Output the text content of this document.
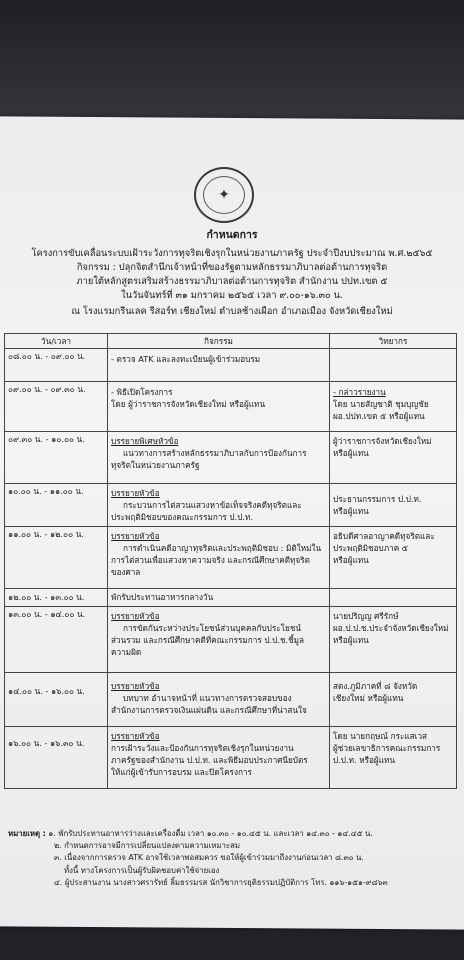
✦
กำหนดการ
โครงการขับเคลื่อนระบบเฝ้าระวังการทุจริตเชิงรุกในหน่วยงานภาครัฐ ประจำปีงบประมาณ พ.ศ.๒๕๖๕
กิจกรรม : ปลุกจิตสำนึกเจ้าหน้าที่ของรัฐตามหลักธรรมาภิบาลต่อต้านการทุจริต
ภายใต้หลักสูตรเสริมสร้างธรรมาภิบาลต่อต้านการทุจริต สำนักงาน ปปท.เขต ๕
ในวันจันทร์ที่ ๓๑ มกราคม ๒๕๖๕ เวลา ๙.๐๐-๑๖.๓๐ น.
ณ โรงแรมกรีนเลค รีสอร์ท เชียงใหม่ ตำบลช้างเผือก อำเภอเมือง จังหวัดเชียงใหม่
วัน/เวลา	กิจกรรม	วิทยากร
๐๘.๐๐ น. - ๐๙.๐๐ น.	- ตรวจ ATK และลงทะเบียนผู้เข้าร่วมอบรม	

๐๙.๐๐ น. - ๐๙.๓๐ น.	- พิธีเปิดโครงการ
โดย ผู้ว่าราชการจังหวัดเชียงใหม่ หรือผู้แทน	- กล่าวรายงาน
โดย นายสัญชาติ ชุมบุญชัย
ผอ.ปปท.เขต ๕ หรือผู้แทน

๐๙.๓๐ น. - ๑๐.๐๐ น.	บรรยายพิเศษหัวข้อ
แนวทางการสร้างหลักธรรมาภิบาลกับการป้องกันการ
ทุจริตในหน่วยงานภาครัฐ	ผู้ว่าราชการจังหวัดเชียงใหม่
หรือผู้แทน

๑๐.๐๐ น. - ๑๑.๐๐ น.	บรรยายหัวข้อ
กระบวนการไต่สวนแสวงหาข้อเท็จจริงคดีทุจริตและ
ประพฤติมิชอบของคณะกรรมการ ป.ป.ท.	ประธานกรรมการ ป.ป.ท.
หรือผู้แทน

๑๑.๐๐ น. - ๑๒.๐๐ น.	บรรยายหัวข้อ
การดำเนินคดีอาญาทุจริตและประพฤติมิชอบ : มิติใหม่ใน
การไต่สวนเพื่อแสวงหาความจริง และกรณีศึกษาคดีทุจริต
ของศาล	อธิบดีศาลอาญาคดีทุจริตและ
ประพฤติมิชอบภาค ๕
หรือผู้แทน

๑๒.๐๐ น. - ๑๓.๐๐ น.	พักรับประทานอาหารกลางวัน	

๑๓.๐๐ น. - ๑๔.๐๐ น.	บรรยายหัวข้อ
การขัดกันระหว่างประโยชน์ส่วนบุคคลกับประโยชน์
ส่วนรวม และกรณีศึกษาคดีที่คณะกรรมการ ป.ป.ช.ชี้มูล
ความผิด	นายปริญญ ศรีรักษ์
ผอ.ป.ป.ช.ประจำจังหวัดเชียงใหม่
หรือผู้แทน

๑๔.๐๐ น. - ๑๖.๐๐ น.	บรรยายหัวข้อ
บทบาท อำนาจหน้าที่ แนวทางการตรวจสอบของ
สำนักงานการตรวจเงินแผ่นดิน และกรณีศึกษาที่น่าสนใจ	สตง.ภูมิภาคที่ ๘ จังหวัด
เชียงใหม่ หรือผู้แทน

๑๖.๐๐ น. - ๑๖.๓๐ น.	บรรยายหัวข้อ
การเฝ้าระวังและป้องกันการทุจริตเชิงรุกในหน่วยงาน
ภาครัฐของสำนักงาน ป.ป.ท. และพิธีมอบประกาศนียบัตร
ให้แก่ผู้เข้ารับการอบรม และปิดโครงการ	โดย นายกฤษณ์ กระแสเวส
ผู้ช่วยเลขาธิการคณะกรรมการ
ป.ป.ท. หรือผู้แทน
หมายเหตุ : ๑. พักรับประทานอาหารว่างและเครื่องดื่ม เวลา ๑๐.๓๐ - ๑๐.๔๕ น. และเวลา ๑๔.๓๐ - ๑๔.๔๕ น.
๒. กำหนดการอาจมีการเปลี่ยนแปลงตามความเหมาะสม
๓. เนื่องจากการตรวจ ATK อาจใช้เวลาพอสมควร ขอให้ผู้เข้าร่วมมาถึงงานก่อนเวลา ๘.๓๐ น.
ทั้งนี้ ทางโครงการเป็นผู้รับผิดชอบค่าใช้จ่ายเอง
๔. ผู้ประสานงาน นางสาวศรารัทย์ ลิ้มธรรมรส นักวิชาการยุติธรรมปฏิบัติการ โทร. ๑๑๖-๑๕๑-๙๘๖๓
